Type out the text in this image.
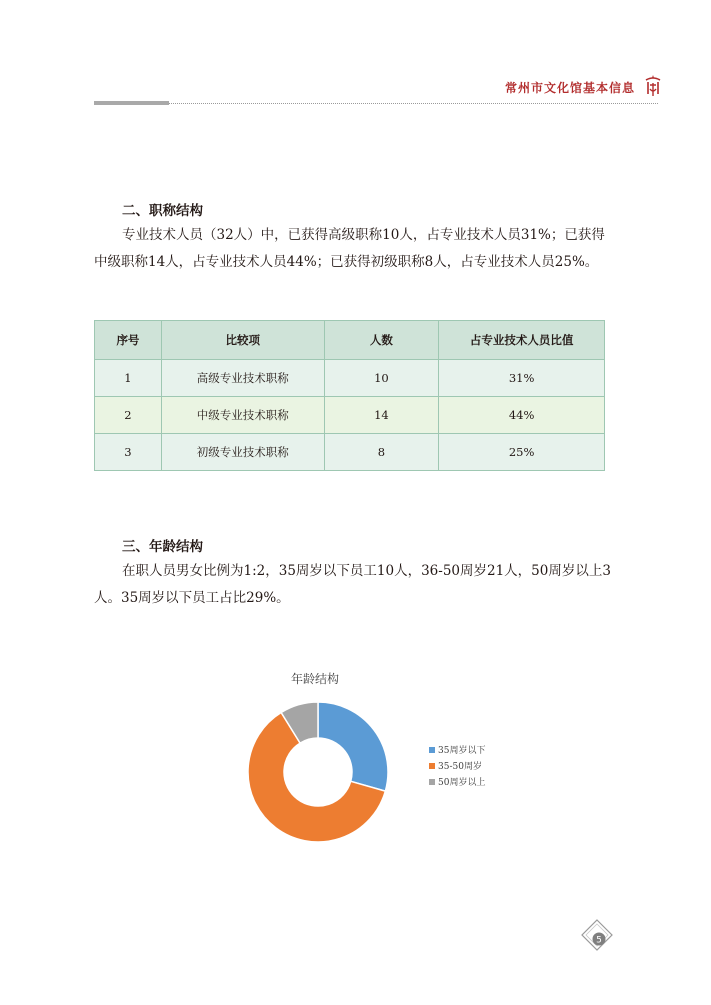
常州市文化馆基本信息
二、职称结构

专业技术人员（32人）中，已获得高级职称10人，占专业技术人员31%；已获得中级职称14人，占专业技术人员44%；已获得初级职称8人，占专业技术人员25%。

序号	比较项	人数	占专业技术人员比值
1	高级专业技术职称	10	31%
2	中级专业技术职称	14	44%
3	初级专业技术职称	8	25%
三、年龄结构

在职人员男女比例为1:2，35周岁以下员工10人，36-50周岁21人，50周岁以上3人。35周岁以下员工占比29%。

年龄结构
35周岁以下
35-50周岁
50周岁以上
5
